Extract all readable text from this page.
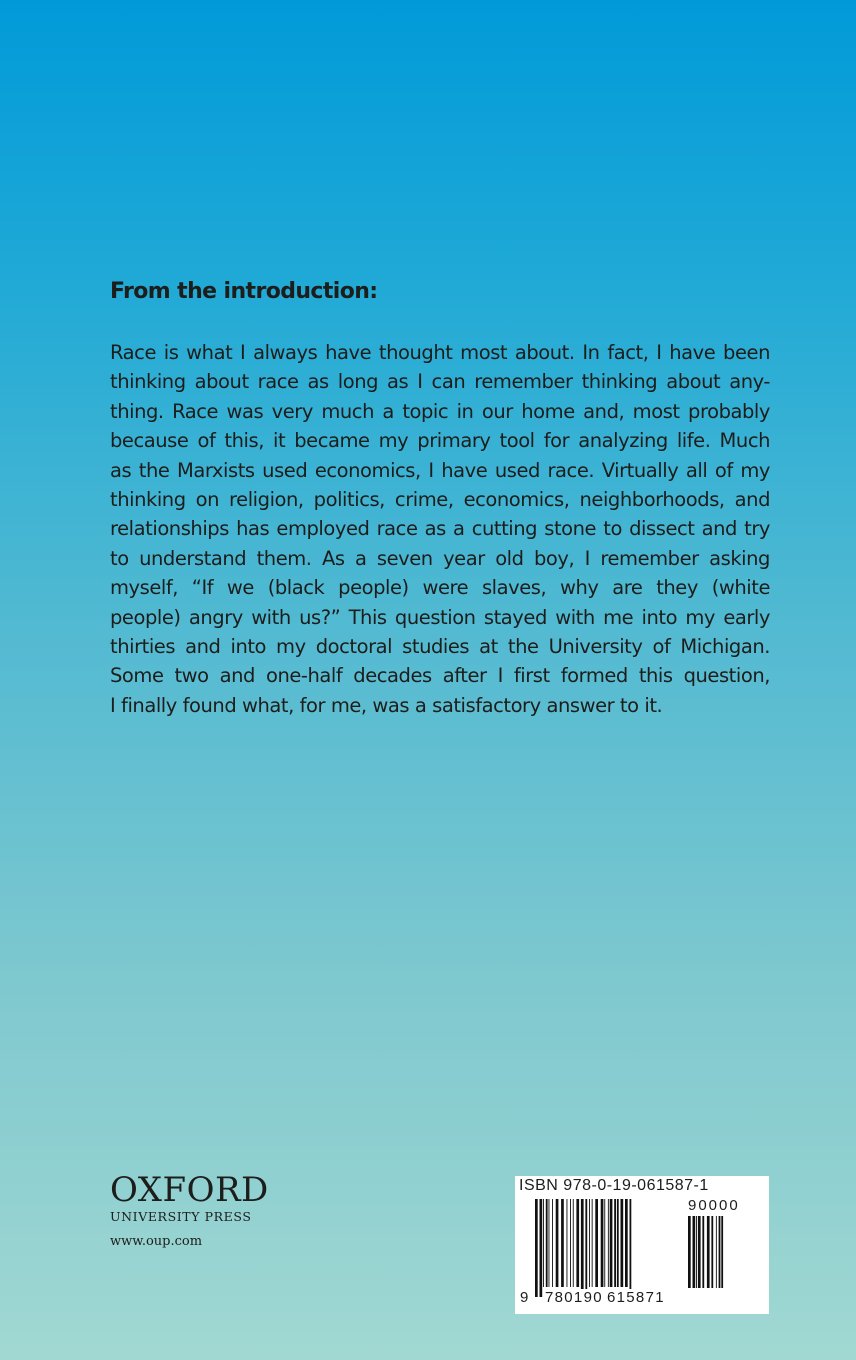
From the introduction:
Race is what I always have thought most about. In fact, I have been
thinking about race as long as I can remember thinking about any-
thing. Race was very much a topic in our home and, most probably
because of this, it became my primary tool for analyzing life. Much
as the Marxists used economics, I have used race. Virtually all of my
thinking on religion, politics, crime, economics, neighborhoods, and
relationships has employed race as a cutting stone to dissect and try
to understand them. As a seven year old boy, I remember asking
myself, “If we (black people) were slaves, why are they (white
people) angry with us?” This question stayed with me into my early
thirties and into my doctoral studies at the University of Michigan.
Some two and one-half decades after I first formed this question,
I finally found what, for me, was a satisfactory answer to it.
OXFORD
UNIVERSITY PRESS
www.oup.com
ISBN 978-0-19-061587-1
90000
9 780190 615871
